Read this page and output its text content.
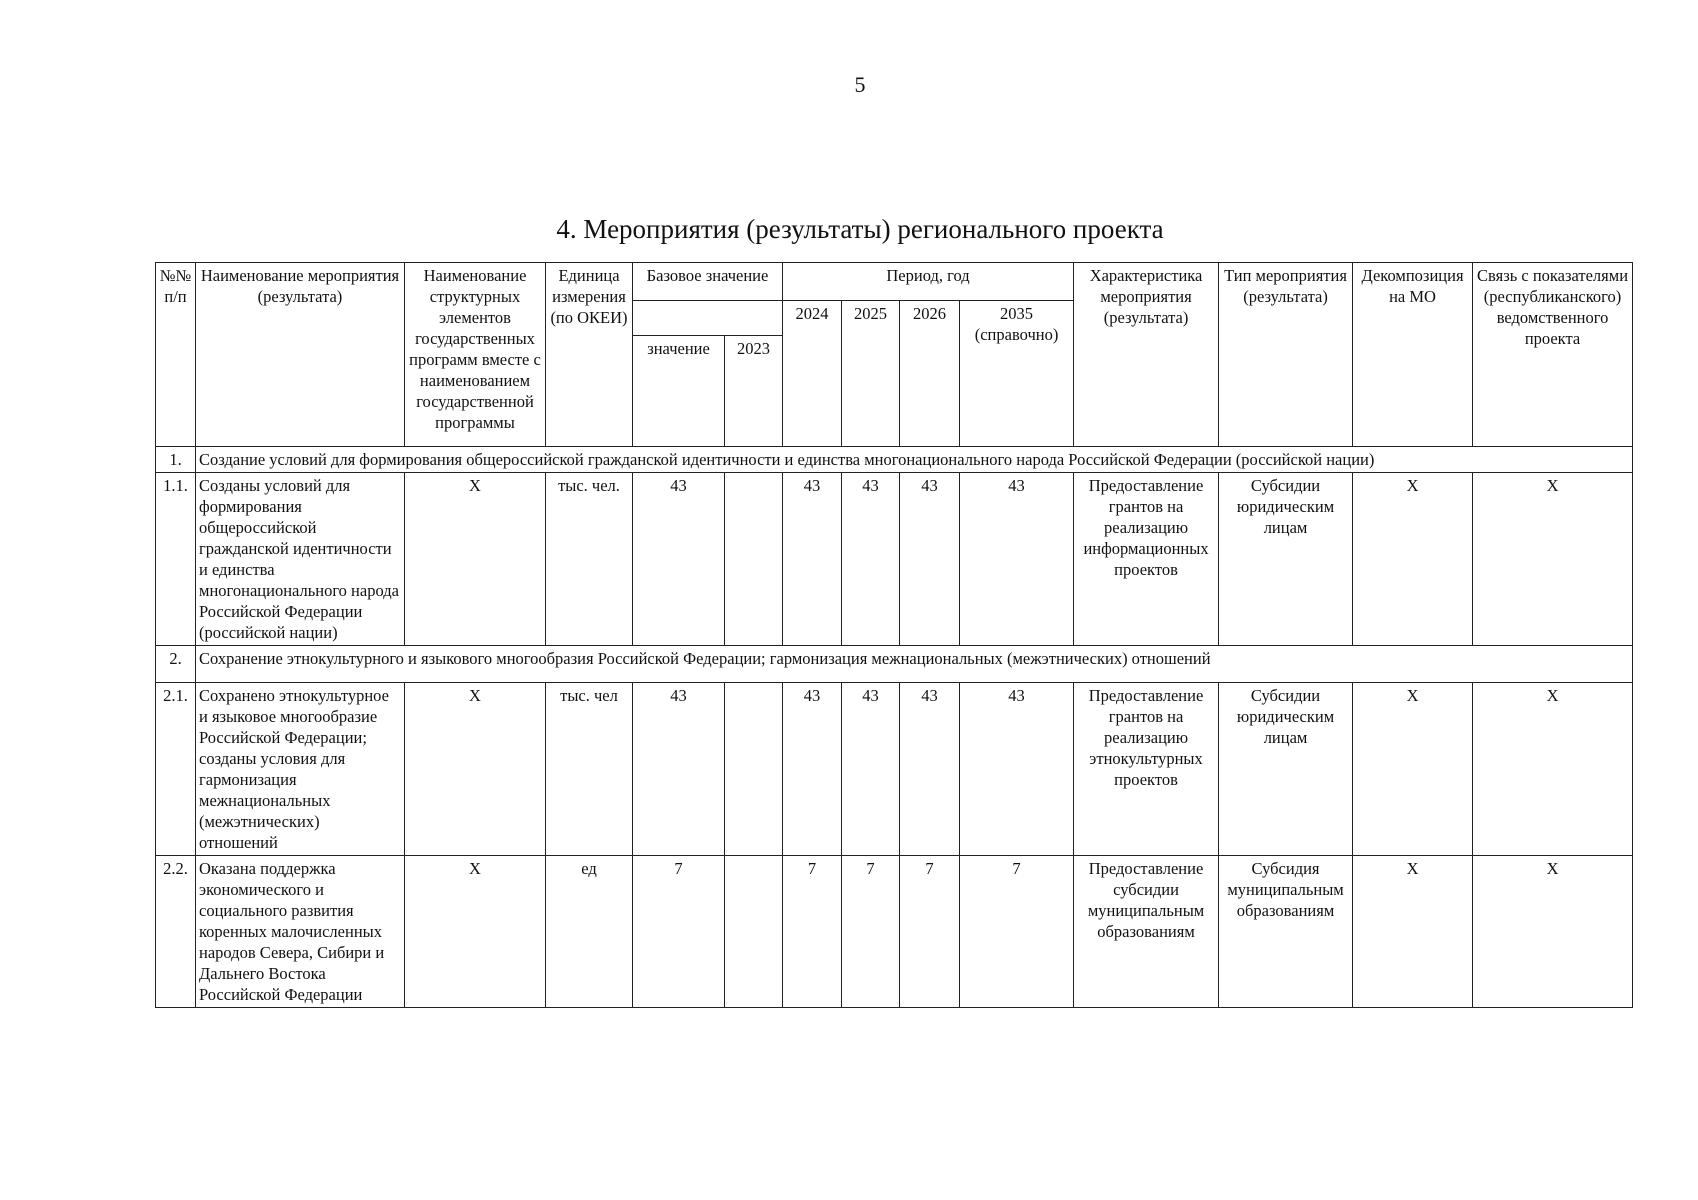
5
4. Мероприятия (результаты) регионального проекта
№№ п/п	Наименование мероприятия (результата)	Наименование структурных элементов государственных программ вместе с наименованием государственной программы	Единица измерения (по ОКЕИ)	Базовое значение		Период, год				Характеристика мероприятия (результата)	Тип мероприятия (результата)	Декомпозиция на МО	Связь с показателями (республиканского) ведомственного проекта
						2024	2025	2026	2035 (справочно)				
				значение	2023								
1.	Создание условий для формирования общероссийской гражданской идентичности и единства многонационального народа Российской Федерации (российской нации)												
1.1.	Созданы условий для формирования общероссийской гражданской идентичности и единства многонационального народа Российской Федерации (российской нации)	X	тыс. чел.	43		43	43	43	43	Предоставление грантов на реализацию информационных проектов	Субсидии юридическим лицам	X	X
2.	Сохранение этнокультурного и языкового многообразия Российской Федерации; гармонизация межнациональных (межэтнических) отношений												
2.1.	Сохранено этнокультурное и языковое многообразие Российской Федерации; созданы условия для гармонизация межнациональных (межэтнических) отношений	X	тыс. чел	43		43	43	43	43	Предоставление грантов на реализацию этнокультурных проектов	Субсидии юридическим лицам	X	X
2.2.	Оказана поддержка экономического и социального развития коренных малочисленных народов Севера, Сибири и Дальнего Востока Российской Федерации	X	ед	7		7	7	7	7	Предоставление субсидии муниципальным образованиям	Субсидия муниципальным образованиям	X	X
